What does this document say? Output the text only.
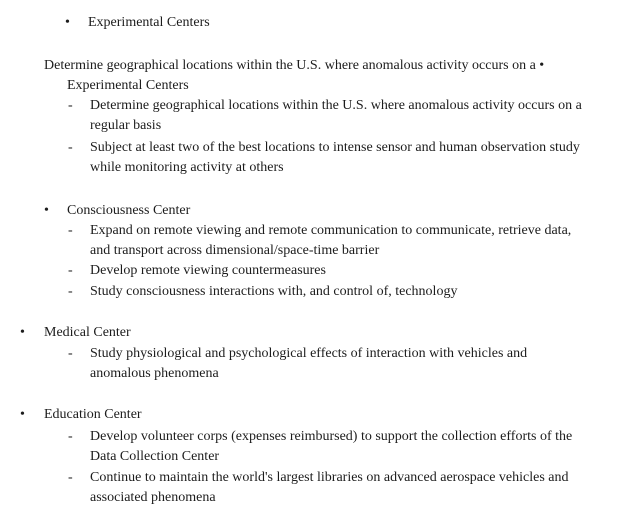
• Experimental Centers
Determine geographical locations within the U.S. where anomalous activity occurs on a •
Experimental Centers
- Determine geographical locations within the U.S. where anomalous activity occurs on a
regular basis
- Subject at least two of the best locations to intense sensor and human observation study
while monitoring activity at others
• Consciousness Center
- Expand on remote viewing and remote communication to communicate, retrieve data,
and transport across dimensional/space-time barrier
- Develop remote viewing countermeasures
- Study consciousness interactions with, and control of, technology
• Medical Center
- Study physiological and psychological effects of interaction with vehicles and
anomalous phenomena
• Education Center
- Develop volunteer corps (expenses reimbursed) to support the collection efforts of the
Data Collection Center
- Continue to maintain the world's largest libraries on advanced aerospace vehicles and
associated phenomena
